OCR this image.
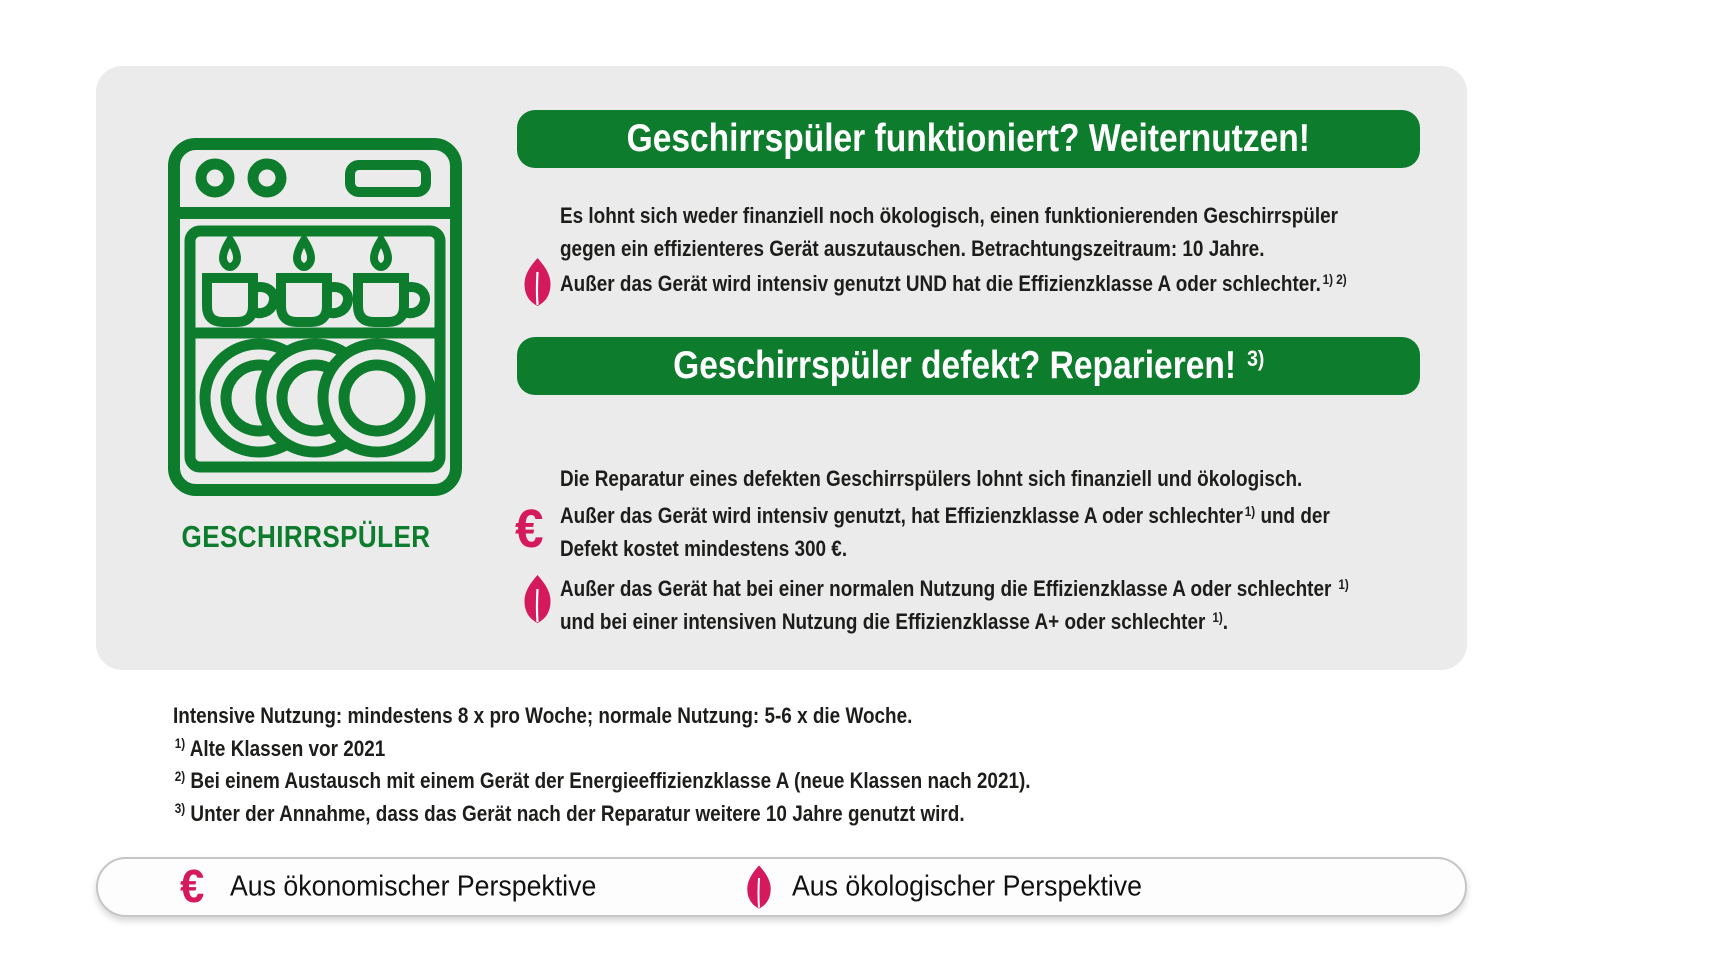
GESCHIRRSPÜLER
Geschirrspüler funktioniert? Weiternutzen!
Es lohnt sich weder finanziell noch ökologisch, einen funktionierenden Geschirrspüler
gegen ein effizienteres Gerät auszutauschen. Betrachtungszeitraum: 10 Jahre.
Außer das Gerät wird intensiv genutzt UND hat die Effizienzklasse A oder schlechter. $^{1) 2)}$
Geschirrspüler defekt? Reparieren! $^{3)}$
Die Reparatur eines defekten Geschirrspülers lohnt sich finanziell und ökologisch.
€ Außer das Gerät wird intensiv genutzt, hat Effizienzklasse A oder schlechter $^{1)}$ und der
Defekt kostet mindestens 300 €.
Außer das Gerät hat bei einer normalen Nutzung die Effizienzklasse A oder schlechter $^{1)}$
und bei einer intensiven Nutzung die Effizienzklasse A+ oder schlechter $^{1)}$.
Intensive Nutzung: mindestens 8 x pro Woche; normale Nutzung: 5-6 x die Woche.
$^{1)}$ Alte Klassen vor 2021
$^{2)}$ Bei einem Austausch mit einem Gerät der Energieeffizienzklasse A (neue Klassen nach 2021).
$^{3)}$ Unter der Annahme, dass das Gerät nach der Reparatur weitere 10 Jahre genutzt wird.
€ Aus ökonomischer Perspektive	Aus ökologischer Perspektive
